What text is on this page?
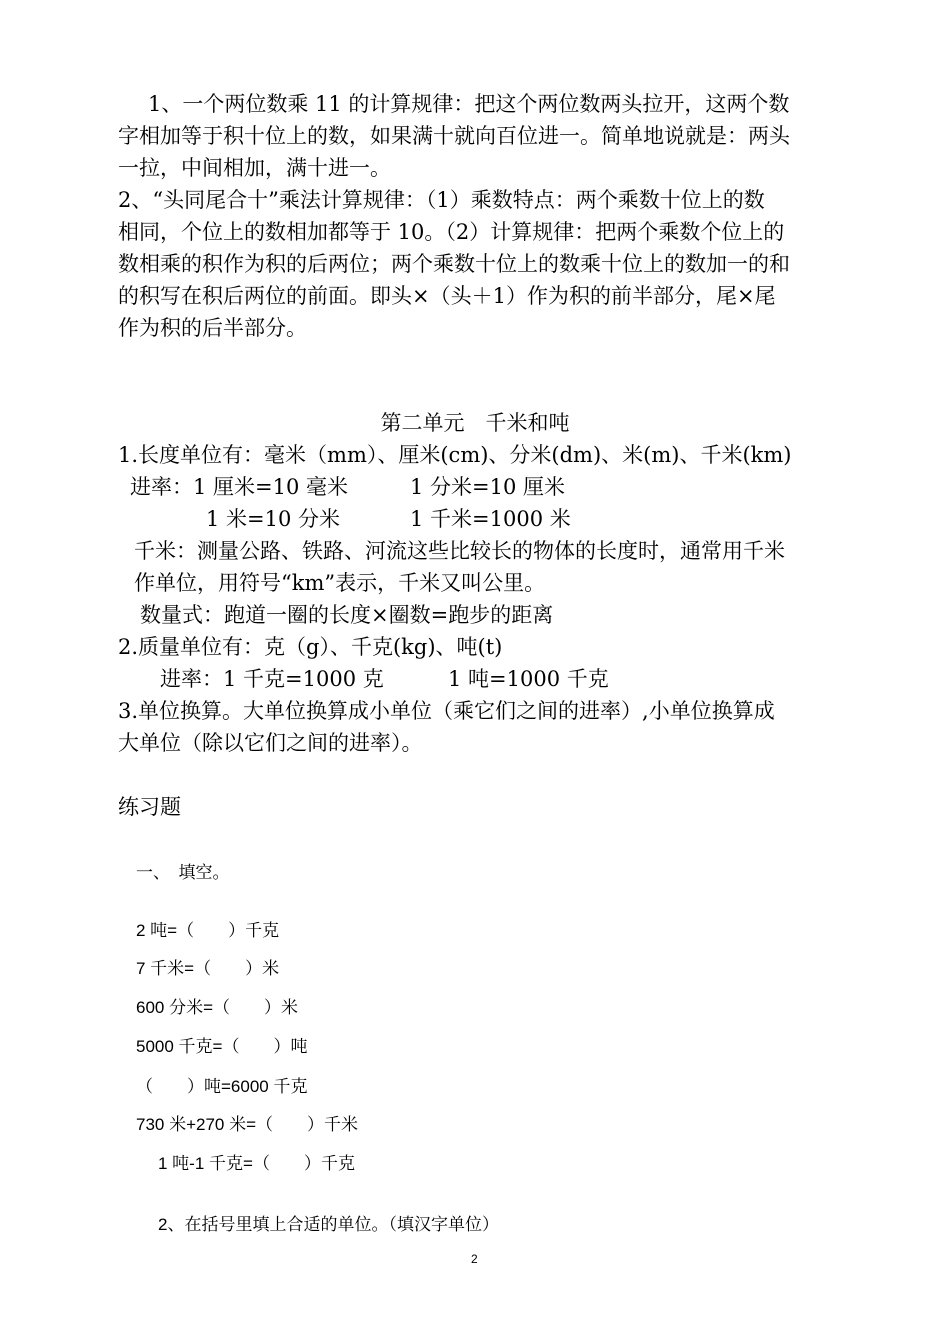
1、一个两位数乘 11 的计算规律：把这个两位数两头拉开，这两个数
字相加等于积十位上的数，如果满十就向百位进一。简单地说就是：两头
一拉，中间相加，满十进一。
2、“头同尾合十”乘法计算规律：（1）乘数特点：两个乘数十位上的数
相同，个位上的数相加都等于 10。（2）计算规律：把两个乘数个位上的
数相乘的积作为积的后两位；两个乘数十位上的数乘十位上的数加一的和
的积写在积后两位的前面。即头×（头＋1）作为积的前半部分，尾×尾
作为积的后半部分。
第二单元　千米和吨
1.长度单位有：毫米（mm）、厘米(cm)、分米(dm)、米(m)、千米(km)
进率：1 厘米=10 毫米	1 分米=10 厘米
1 米=10 分米	1 千米=1000 米
千米：测量公路、铁路、河流这些比较长的物体的长度时，通常用千米
作单位，用符号“km”表示，千米又叫公里。
数量式：跑道一圈的长度×圈数=跑步的距离
2.质量单位有：克（g）、千克(kg)、吨(t)
进率：1 千克=1000 克	1 吨=1000 千克
3.单位换算。大单位换算成小单位（乘它们之间的进率）,小单位换算成
大单位（除以它们之间的进率）。
练习题
一、　填空。
2 吨=（　　）千克
7 千米=（　　）米
600 分米=（　　）米
5000 千克=（　　）吨
（　　）吨=6000 千克
730 米+270 米=（　　）千米
1 吨-1 千克=（　　）千克
2、在括号里填上合适的单位。（填汉字单位）
2
